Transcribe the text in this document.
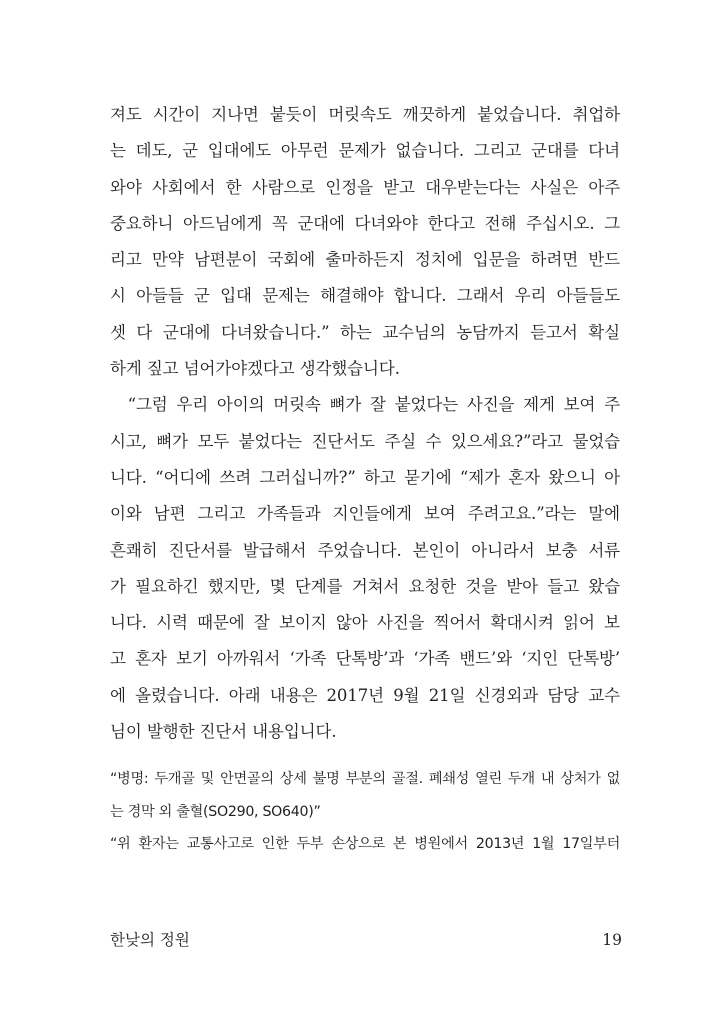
져도 시간이 지나면 붙듯이 머릿속도 깨끗하게 붙었습니다. 취업하
는 데도, 군 입대에도 아무런 문제가 없습니다. 그리고 군대를 다녀
와야 사회에서 한 사람으로 인정을 받고 대우받는다는 사실은 아주
중요하니 아드님에게 꼭 군대에 다녀와야 한다고 전해 주십시오. 그
리고 만약 남편분이 국회에 출마하든지 정치에 입문을 하려면 반드
시 아들들 군 입대 문제는 해결해야 합니다. 그래서 우리 아들들도
셋 다 군대에 다녀왔습니다.” 하는 교수님의 농담까지 듣고서 확실
하게 짚고 넘어가야겠다고 생각했습니다.
“그럼 우리 아이의 머릿속 뼈가 잘 붙었다는 사진을 제게 보여 주
시고, 뼈가 모두 붙었다는 진단서도 주실 수 있으세요?”라고 물었습
니다. “어디에 쓰려 그러십니까?” 하고 묻기에 “제가 혼자 왔으니 아
이와 남편 그리고 가족들과 지인들에게 보여 주려고요.”라는 말에
흔쾌히 진단서를 발급해서 주었습니다. 본인이 아니라서 보충 서류
가 필요하긴 했지만, 몇 단계를 거쳐서 요청한 것을 받아 들고 왔습
니다. 시력 때문에 잘 보이지 않아 사진을 찍어서 확대시켜 읽어 보
고 혼자 보기 아까워서 ‘가족 단톡방’과 ‘가족 밴드’와 ‘지인 단톡방’
에 올렸습니다. 아래 내용은 2017년 9월 21일 신경외과 담당 교수
님이 발행한 진단서 내용입니다.
“병명: 두개골 및 안면골의 상세 불명 부분의 골절. 폐쇄성 열린 두개 내 상처가 없
는 경막 외 출혈(SO290, SO640)”
“위 환자는 교통사고로 인한 두부 손상으로 본 병원에서 2013년 1월 17일부터
한낮의 정원	19
